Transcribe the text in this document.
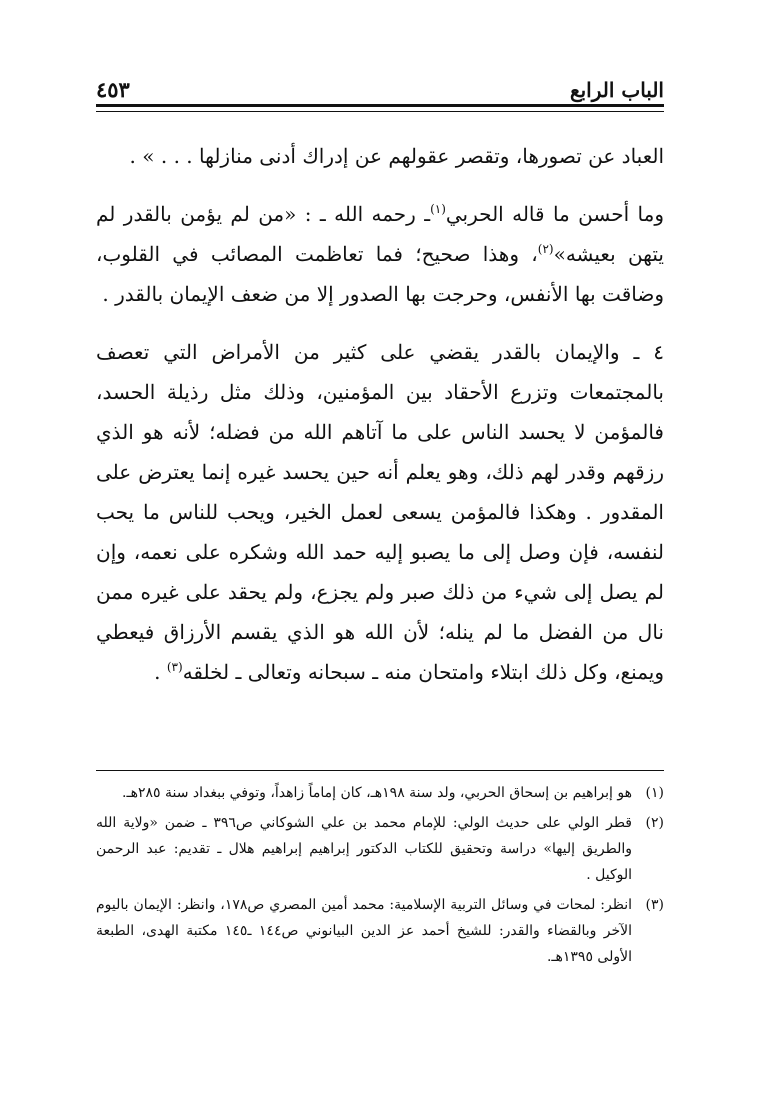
الباب الرابع
٤٥٣

العباد عن تصورها، وتقصر عقولهم عن إدراك أدنى منازلها . . . » .

وما أحسن ما قاله الحربي$^{(١)}$ـ رحمه الله ـ : «من لم يؤمن بالقدر لم يتهن بعيشه»$^{(٢)}$، وهذا صحيح؛ فما تعاظمت المصائب في القلوب، وضاقت بها الأنفس، وحرجت بها الصدور إلا من ضعف الإيمان بالقدر .

٤ ـ والإيمان بالقدر يقضي على كثير من الأمراض التي تعصف بالمجتمعات وتزرع الأحقاد بين المؤمنين، وذلك مثل رذيلة الحسد، فالمؤمن لا يحسد الناس على ما آتاهم الله من فضله؛ لأنه هو الذي رزقهم وقدر لهم ذلك، وهو يعلم أنه حين يحسد غيره إنما يعترض على المقدور . وهكذا فالمؤمن يسعى لعمل الخير، ويحب للناس ما يحب لنفسه، فإن وصل إلى ما يصبو إليه حمد الله وشكره على نعمه، وإن لم يصل إلى شيء من ذلك صبر ولم يجزع، ولم يحقد على غيره ممن نال من الفضل ما لم ينله؛ لأن الله هو الذي يقسم الأرزاق فيعطي ويمنع، وكل ذلك ابتلاء وامتحان منه ـ سبحانه وتعالى ـ لخلقه$^{(٣)}$ .

(١)
هو إبراهيم بن إسحاق الحربي، ولد سنة ١٩٨هـ، كان إماماً زاهداً، وتوفي ببغداد سنة ٢٨٥هـ.
(٢)
قطر الولي على حديث الولي: للإمام محمد بن علي الشوكاني ص٣٩٦ ـ ضمن «ولاية الله والطريق إليها» دراسة وتحقيق للكتاب الدكتور إبراهيم إبراهيم هلال ـ تقديم: عبد الرحمن الوكيل .
(٣)
انظر: لمحات في وسائل التربية الإسلامية: محمد أمين المصري ص١٧٨، وانظر: الإيمان باليوم الآخر وبالقضاء والقدر: للشيخ أحمد عز الدين البيانوني ص١٤٤ ـ١٤٥ مكتبة الهدى، الطبعة الأولى ١٣٩٥هـ.
